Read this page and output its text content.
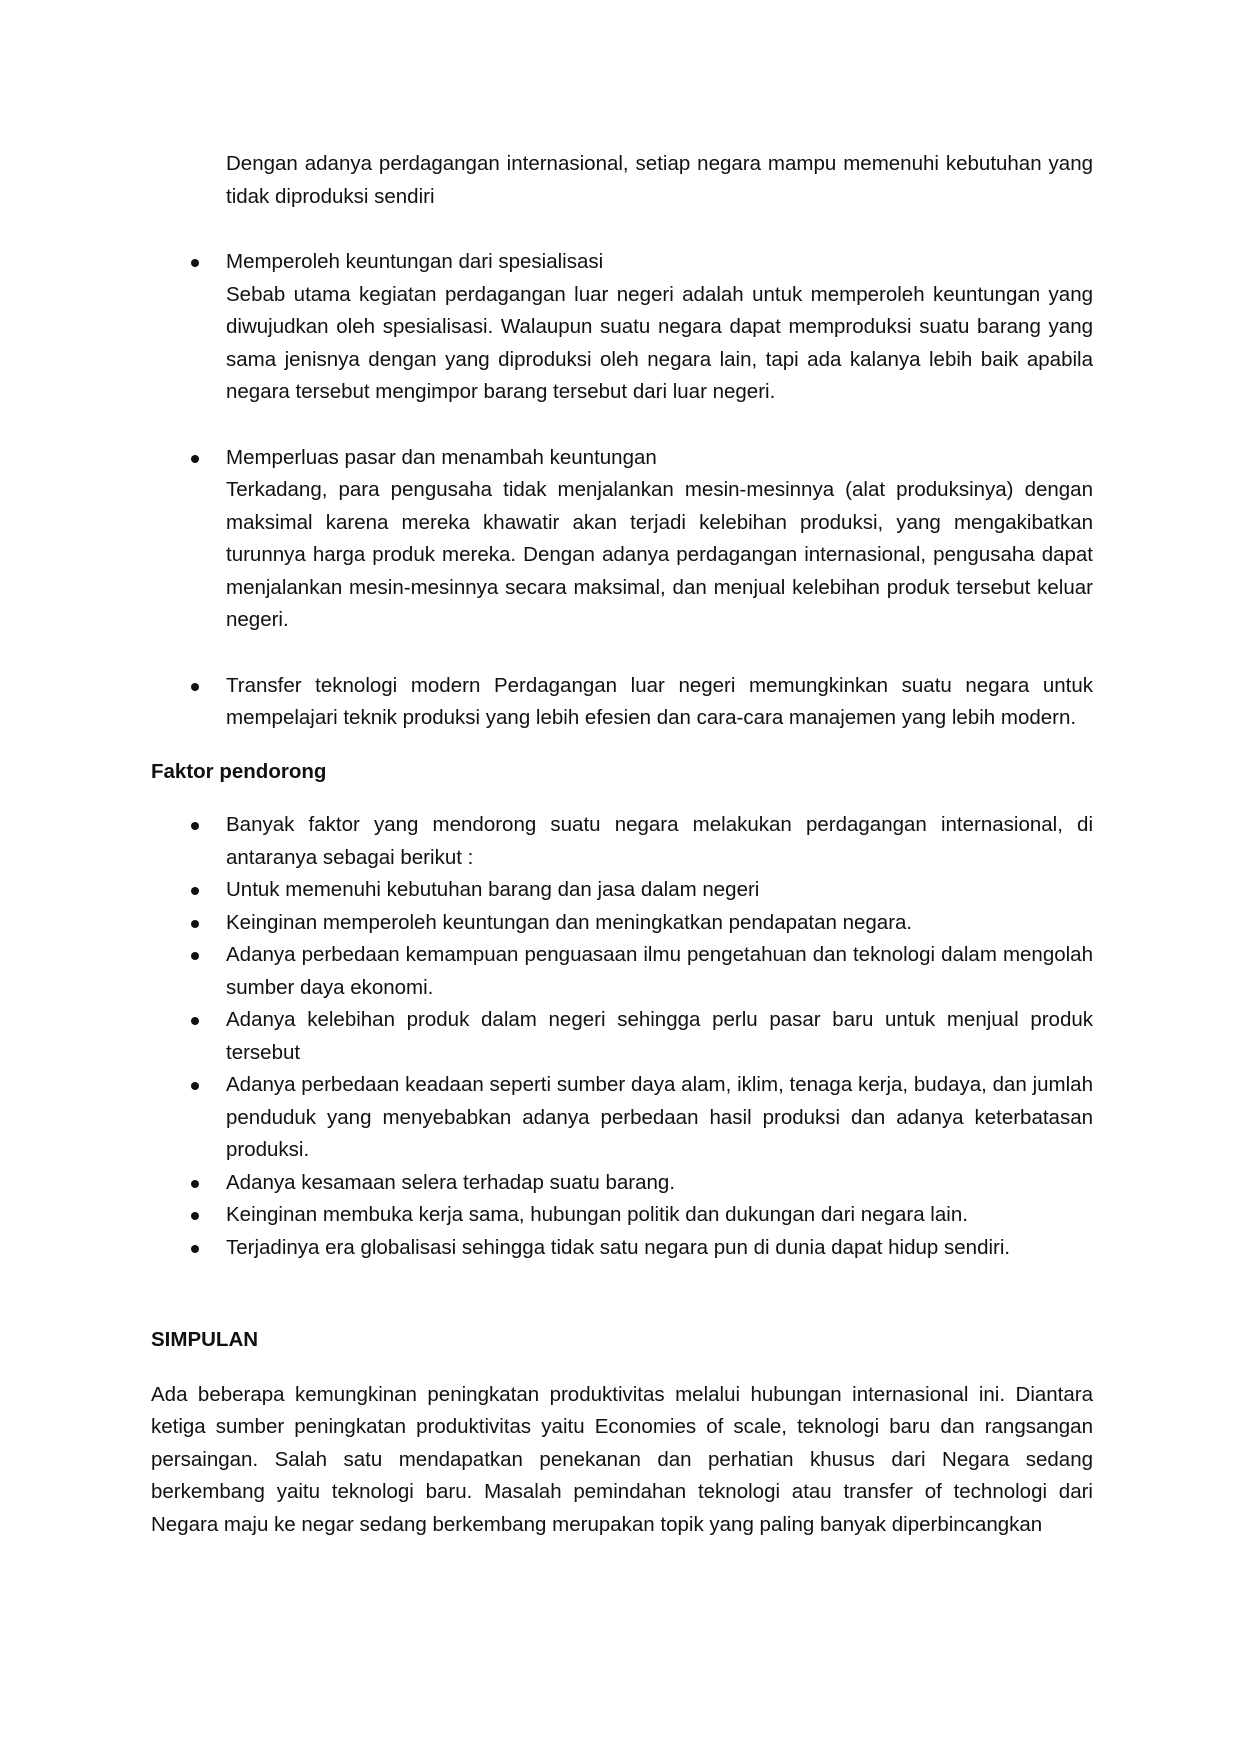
Dengan adanya perdagangan internasional, setiap negara mampu memenuhi kebutuhan yang tidak diproduksi sendiri
Memperoleh keuntungan dari spesialisasi
Sebab utama kegiatan perdagangan luar negeri adalah untuk memperoleh keuntungan yang diwujudkan oleh spesialisasi. Walaupun suatu negara dapat memproduksi suatu barang yang sama jenisnya dengan yang diproduksi oleh negara lain, tapi ada kalanya lebih baik apabila negara tersebut mengimpor barang tersebut dari luar negeri.
Memperluas pasar dan menambah keuntungan
Terkadang, para pengusaha tidak menjalankan mesin-mesinnya (alat produksinya) dengan maksimal karena mereka khawatir akan terjadi kelebihan produksi, yang mengakibatkan turunnya harga produk mereka. Dengan adanya perdagangan internasional, pengusaha dapat menjalankan mesin-mesinnya secara maksimal, dan menjual kelebihan produk tersebut keluar negeri.
Transfer teknologi modern Perdagangan luar negeri memungkinkan suatu negara untuk mempelajari teknik produksi yang lebih efesien dan cara-cara manajemen yang lebih modern.
Faktor pendorong
Banyak faktor yang mendorong suatu negara melakukan perdagangan internasional, di antaranya sebagai berikut :
Untuk memenuhi kebutuhan barang dan jasa dalam negeri
Keinginan memperoleh keuntungan dan meningkatkan pendapatan negara.
Adanya perbedaan kemampuan penguasaan ilmu pengetahuan dan teknologi dalam mengolah sumber daya ekonomi.
Adanya kelebihan produk dalam negeri sehingga perlu pasar baru untuk menjual produk tersebut
Adanya perbedaan keadaan seperti sumber daya alam, iklim, tenaga kerja, budaya, dan jumlah penduduk yang menyebabkan adanya perbedaan hasil produksi dan adanya keterbatasan produksi.
Adanya kesamaan selera terhadap suatu barang.
Keinginan membuka kerja sama, hubungan politik dan dukungan dari negara lain.
Terjadinya era globalisasi sehingga tidak satu negara pun di dunia dapat hidup sendiri.
SIMPULAN
Ada beberapa kemungkinan peningkatan produktivitas melalui hubungan internasional ini. Diantara ketiga sumber peningkatan produktivitas yaitu Economies of scale, teknologi baru dan rangsangan persaingan. Salah satu mendapatkan penekanan dan perhatian khusus dari Negara sedang berkembang yaitu teknologi baru. Masalah pemindahan teknologi atau transfer of technologi dari Negara maju ke negar sedang berkembang merupakan topik yang paling banyak diperbincangkan
